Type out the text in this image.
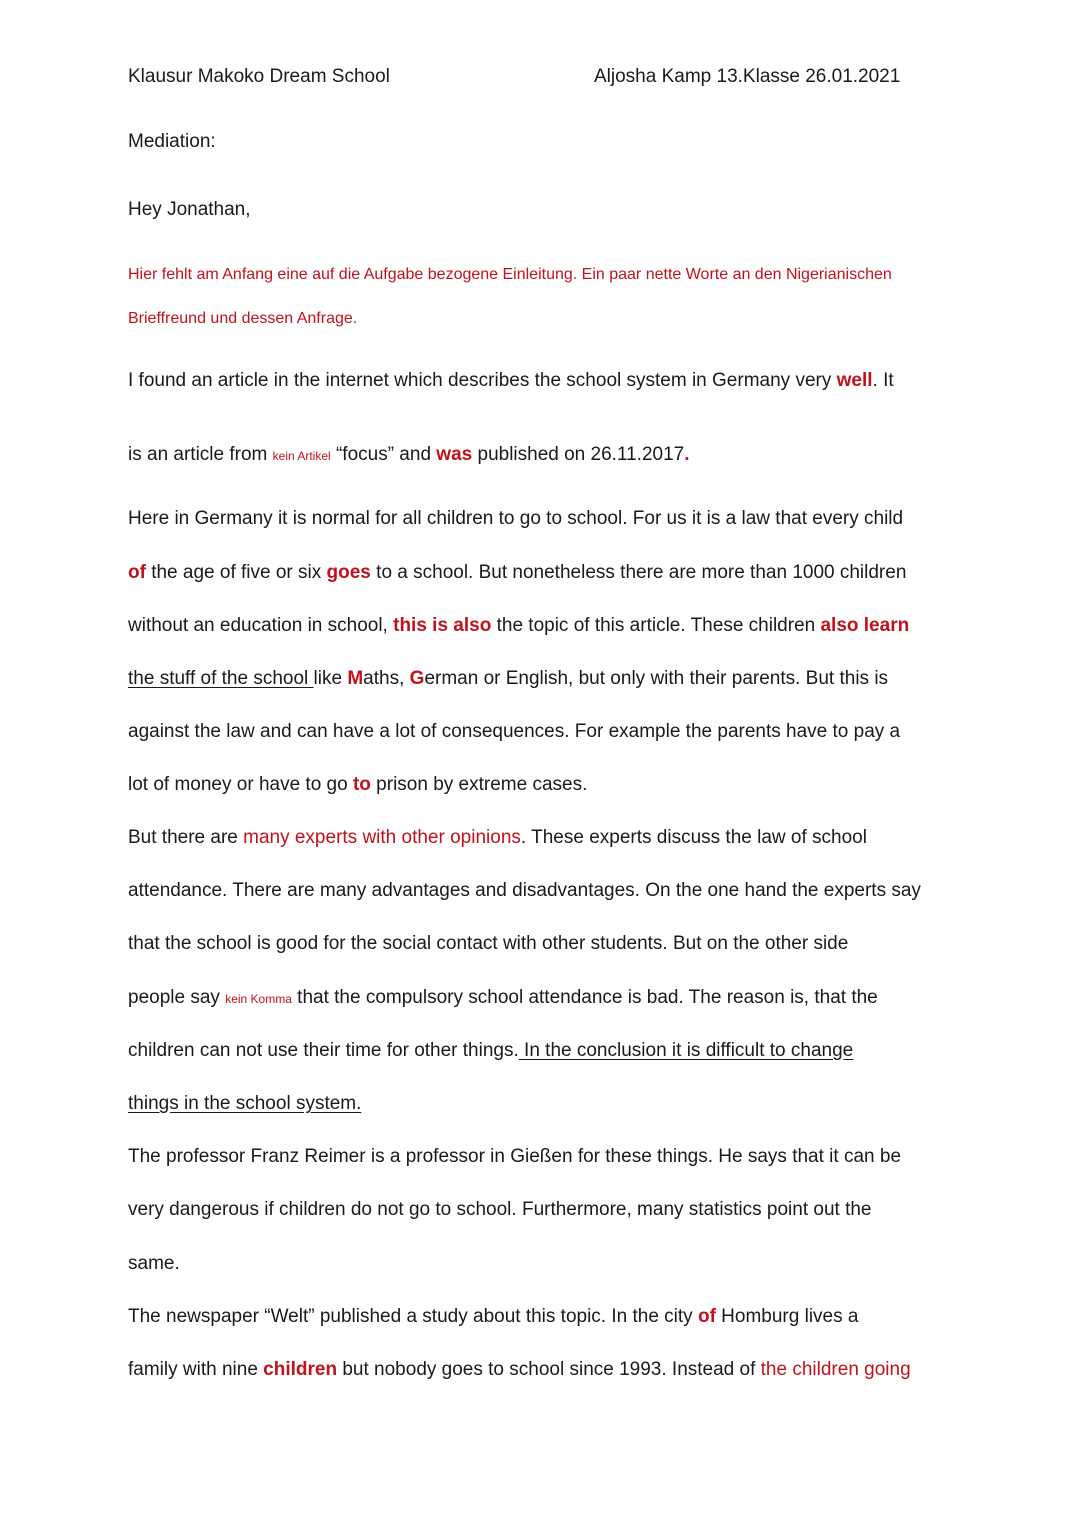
Klausur Makoko Dream School	Aljosha Kamp 13.Klasse 26.01.2021
Mediation:
Hey Jonathan,
Hier fehlt am Anfang eine auf die Aufgabe bezogene Einleitung. Ein paar nette Worte an den Nigerianischen
Brieffreund und dessen Anfrage.
I found an article in the internet which describes the school system in Germany very well. It
is an article from kein Artikel “focus” and was published on 26.11.2017.
Here in Germany it is normal for all children to go to school. For us it is a law that every child
of the age of five or six goes to a school. But nonetheless there are more than 1000 children
without an education in school, this is also the topic of this article. These children also learn
the stuff of the school like Maths, German or English, but only with their parents. But this is
against the law and can have a lot of consequences. For example the parents have to pay a
lot of money or have to go to prison by extreme cases.
But there are many experts with other opinions. These experts discuss the law of school
attendance. There are many advantages and disadvantages. On the one hand the experts say
that the school is good for the social contact with other students. But on the other side
people say kein Komma that the compulsory school attendance is bad. The reason is, that the
children can not use their time for other things. In the conclusion it is difficult to change
things in the school system.
The professor Franz Reimer is a professor in Gießen for these things. He says that it can be
very dangerous if children do not go to school. Furthermore, many statistics point out the
same.
The newspaper “Welt” published a study about this topic. In the city of Homburg lives a
family with nine children but nobody goes to school since 1993. Instead of the children going
